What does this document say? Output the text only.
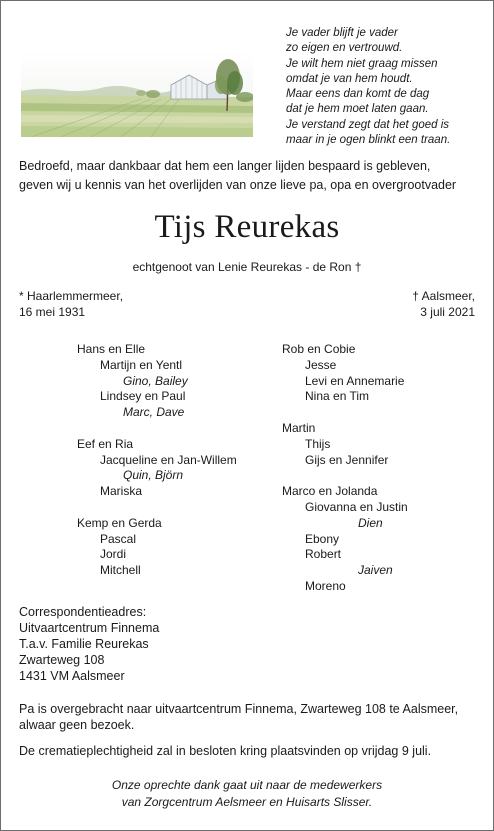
Je vader blijft je vader
zo eigen en vertrouwd.
Je wilt hem niet graag missen
omdat je van hem houdt.
Maar eens dan komt de dag
dat je hem moet laten gaan.
Je verstand zegt dat het goed is
maar in je ogen blinkt een traan.
Bedroefd, maar dankbaar dat hem een langer lijden bespaard is gebleven,
geven wij u kennis van het overlijden van onze lieve pa, opa en overgrootvader
Tijs Reurekas
echtgenoot van Lenie Reurekas - de Ron †
* Haarlemmermeer,
16 mei 1931
† Aalsmeer,
3 juli 2021
Hans en Elle
Martijn en Yentl
Gino, Bailey
Lindsey en Paul
Marc, Dave
Eef en Ria
Jacqueline en Jan-Willem
Quin, Björn
Mariska
Kemp en Gerda
Pascal
Jordi
Mitchell
Rob en Cobie
Jesse
Levi en Annemarie
Nina en Tim
Martin
Thijs
Gijs en Jennifer
Marco en Jolanda
Giovanna en Justin
Dien
Ebony
Robert
Jaiven
Moreno
Correspondentieadres:
Uitvaartcentrum Finnema
T.a.v. Familie Reurekas
Zwarteweg 108
1431 VM Aalsmeer
Pa is overgebracht naar uitvaartcentrum Finnema, Zwarteweg 108 te Aalsmeer,
alwaar geen bezoek.
De crematieplechtigheid zal in besloten kring plaatsvinden op vrijdag 9 juli.
Onze oprechte dank gaat uit naar de medewerkers
van Zorgcentrum Aelsmeer en Huisarts Slisser.
